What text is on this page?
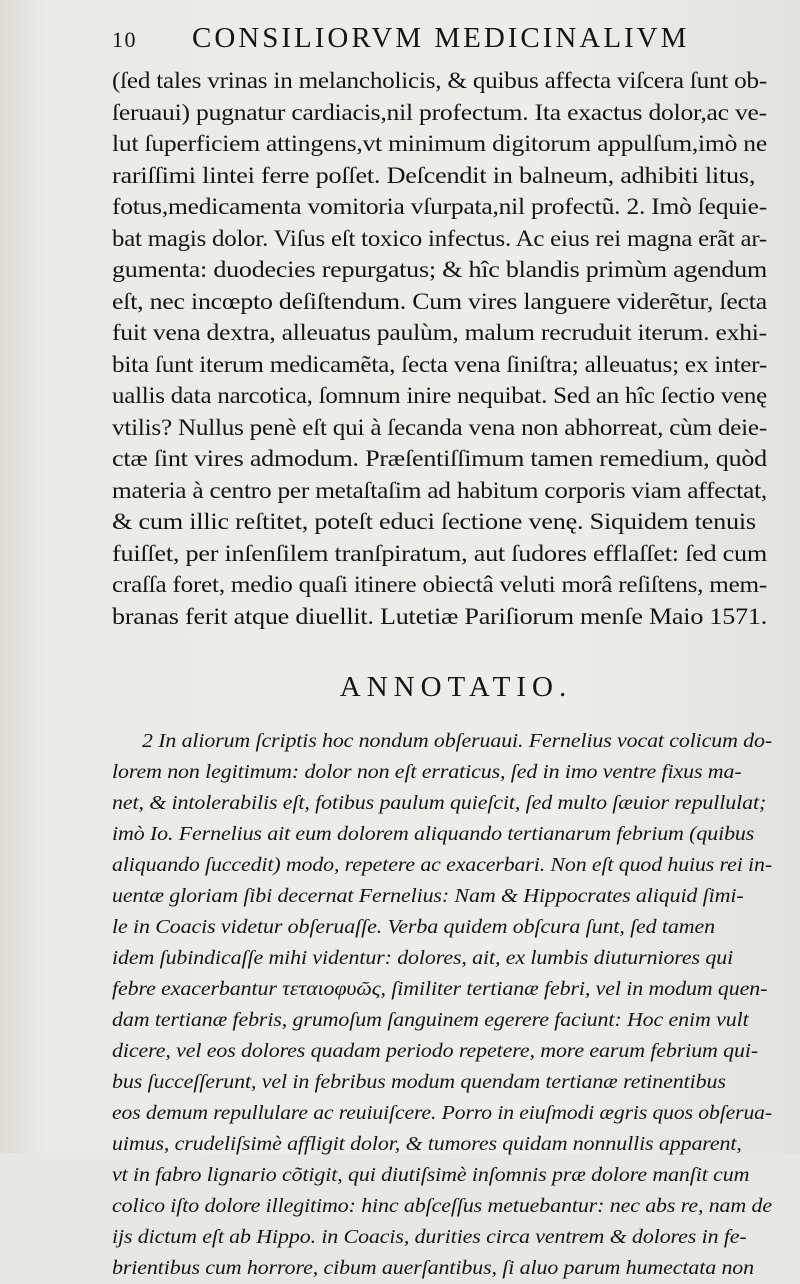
10	CONSILIORVM MEDICINALIVM

(ſed tales vrinas in melancholicis, & quibus affecta viſcera ſunt ob-

ſeruaui) pugnatur cardiacis,nil profectum. Ita exactus dolor,ac ve-

lut ſuperficiem attingens,vt minimum digitorum appulſum,imò ne

rariſſimi lintei ferre poſſet. Deſcendit in balneum, adhibiti litus,

fotus,medicamenta vomitoria vſurpata,nil profectũ. 2. Imò ſequie-

bat magis dolor. Viſus eſt toxico infectus. Ac eius rei magna erãt ar-

gumenta: duodecies repurgatus; & hîc blandis primùm agendum

eſt, nec incœpto deſiſtendum. Cum vires languere viderẽtur, ſecta

fuit vena dextra, alleuatus paulùm, malum recruduit iterum. exhi-

bita ſunt iterum medicamẽta, ſecta vena ſiniſtra; alleuatus; ex inter-

uallis data narcotica, ſomnum inire nequibat. Sed an hîc ſectio venę

vtilis? Nullus penè eſt qui à ſecanda vena non abhorreat, cùm deie-

ctæ ſint vires admodum. Præſentiſſimum tamen remedium, quòd

materia à centro per metaſtaſim ad habitum corporis viam affectat,

& cum illic reſtitet, poteſt educi ſectione venę. Siquidem tenuis

fuiſſet, per inſenſilem tranſpiratum, aut ſudores efflaſſet: ſed cum

craſſa foret, medio quaſi itinere obiectâ veluti morâ reſiſtens, mem-

branas ferit atque diuellit. Lutetiæ Pariſiorum menſe Maio 1571.

ANNOTATIO.

2 In aliorum ſcriptis hoc nondum obſeruaui. Fernelius vocat colicum do-

lorem non legitimum: dolor non eſt erraticus, ſed in imo ventre fixus ma-

net, & intolerabilis eſt, fotibus paulum quieſcit, ſed multo ſæuior repullulat;

imò Io. Fernelius ait eum dolorem aliquando tertianarum febrium (quibus

aliquando ſuccedit) modo, repetere ac exacerbari. Non eſt quod huius rei in-

uentæ gloriam ſibi decernat Fernelius: Nam & Hippocrates aliquid ſimi-

le in Coacis videtur obſeruaſſe. Verba quidem obſcura ſunt, ſed tamen

idem ſubindicaſſe mihi videntur: dolores, ait, ex lumbis diuturniores qui

febre exacerbantur τεταιοφυῶς, ſimiliter tertianæ febri, vel in modum quen-

dam tertianæ febris, grumoſum ſanguinem egerere faciunt: Hoc enim vult

dicere, vel eos dolores quadam periodo repetere, more earum febrium qui-

bus ſucceſſerunt, vel in febribus modum quendam tertianæ retinentibus

eos demum repullulare ac reuiuiſcere. Porro in eiuſmodi ægris quos obſerua-

uimus, crudeliſsimè affligit dolor, & tumores quidam nonnullis apparent,

vt in fabro lignario cõtigit, qui diutiſsimè inſomnis præ dolore manſit cum

colico iſto dolore illegitimo: hinc abſceſſus metuebantur: nec abs re, nam de

ijs dictum eſt ab Hippo. in Coacis, durities circa ventrem & dolores in fe-

brientibus cum horrore, cibum auerſantibus, ſi aluo parum humectata non
